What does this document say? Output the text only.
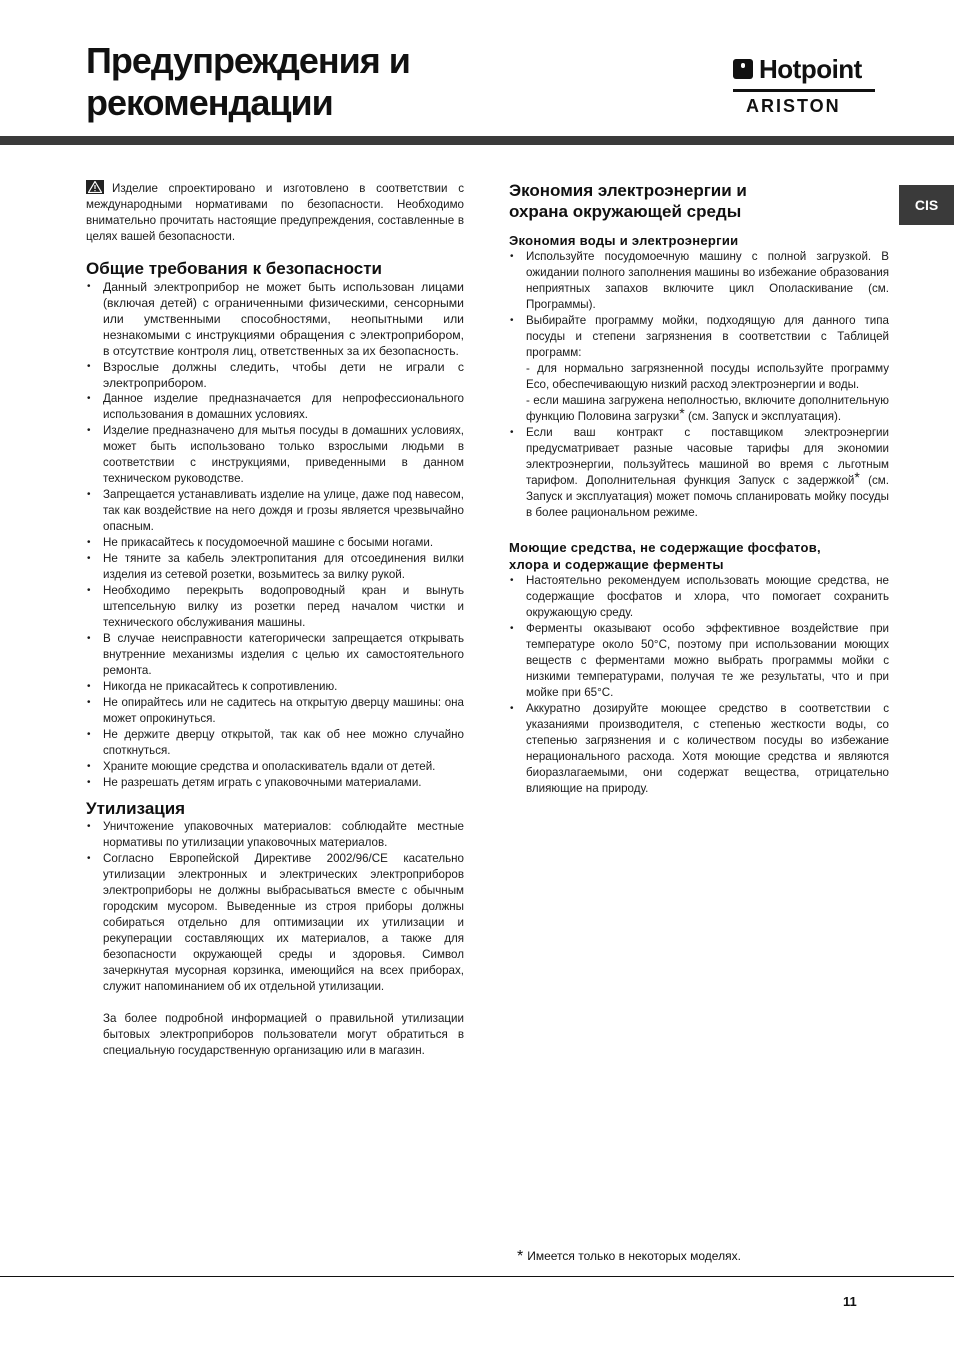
Предупреждения и
рекомендации
Hotpoint
ARISTON
CIS

Изделие спроектировано и изготовлено в соответствии с международными нормативами по безопасности. Необходимо внимательно прочитать настоящие предупреждения, составленные в целях вашей безопасности.

Общие требования к безопасности
• Данный электроприбор не может быть использован лицами (включая детей) с ограниченными физическими, сенсорными или умственными способностями, неопытными или незнакомыми с инструкциями обращения с электроприбором, в отсутствие контроля лиц, ответственных за их безопасность.
• Взрослые должны следить, чтобы дети не играли с электроприбором.
• Данное изделие предназначается для непрофессионального использования в домашних условиях.
• Изделие предназначено для мытья посуды в домашних условиях, может быть использовано только взрослыми людьми в соответствии с инструкциями, приведенными в данном техническом руководстве.
• Запрещается устанавливать изделие на улице, даже под навесом, так как воздействие на него дождя и грозы является чрезвычайно опасным.
• Не прикасайтесь к посудомоечной машине с босыми ногами.
• Не тяните за кабель электропитания для отсоединения вилки изделия из сетевой розетки, возьмитесь за вилку рукой.
• Необходимо перекрыть водопроводный кран и вынуть штепсельную вилку из розетки перед началом чистки и технического обслуживания машины.
• В случае неисправности категорически запрещается открывать внутренние механизмы изделия с целью их самостоятельного ремонта.
• Никогда не прикасайтесь к сопротивлению.
• Не опирайтесь или не садитесь на открытую дверцу машины: она может опрокинуться.
• Не держите дверцу открытой, так как об нее можно случайно споткнуться.
• Храните моющие средства и ополаскиватель вдали от детей.
• Не разрешать детям играть с упаковочными материалами.
Утилизация
• Уничтожение упаковочных материалов: соблюдайте местные нормативы по утилизации упаковочных материалов.

• Согласно Европейской Директиве 2002/96/CE касательно утилизации электронных и электрических электроприборов электроприборы не должны выбрасываться вместе с обычным городским мусором. Выведенные из строя приборы должны собираться отдельно для оптимизации их утилизации и рекуперации составляющих их материалов, а также для безопасности окружающей среды и здоровья. Символ зачеркнутая мусорная корзинка, имеющийся на всех приборах, служит напоминанием об их отдельной утилизации.

За более подробной информацией о правильной утилизации бытовых электроприборов пользователи могут обратиться в специальную государственную организацию или в магазин.

Экономия электроэнергии и
охрана окружающей среды
Экономия воды и электроэнергии
• Используйте посудомоечную машину с полной загрузкой. В ожидании полного заполнения машины во избежание образования неприятных запахов включите цикл Ополаскивание (см. Программы).

• Выбирайте программу мойки, подходящую для данного типа посуды и степени загрязнения в соответствии с Таблицей программ:

- для нормально загрязненной посуды используйте программу Eco, обеспечивающую низкий расход электроэнергии и воды.

- если машина загружена неполностью, включите дополнительную функцию Половина загрузки* (см. Запуск и эксплуатация).

• Если ваш контракт с поставщиком электроэнергии предусматривает разные часовые тарифы для экономии электроэнергии, пользуйтесь машиной во время с льготным тарифом. Дополнительная функция Запуск с задержкой* (см. Запуск и эксплуатация) может помочь спланировать мойку посуды в более рациональном режиме.
Моющие средства, не содержащие фосфатов,
хлора и содержащие ферменты
• Настоятельно рекомендуем использовать моющие средства, не содержащие фосфатов и хлора, что помогает сохранить окружающую среду.
• Ферменты оказывают особо эффективное воздействие при температуре около 50°C, поэтому при использовании моющих веществ с ферментами можно выбрать программы мойки с низкими температурами, получая те же результаты, что и при мойке при 65°C.
• Аккуратно дозируйте моющее средство в соответствии с указаниями производителя, с степенью жесткости воды, со степенью загрязнения и с количеством посуды во избежание нерационального расхода. Хотя моющие средства и являются биоразлагаемыми, они содержат вещества, отрицательно влияющие на природу.
* Имеется только в некоторых моделях.
11
